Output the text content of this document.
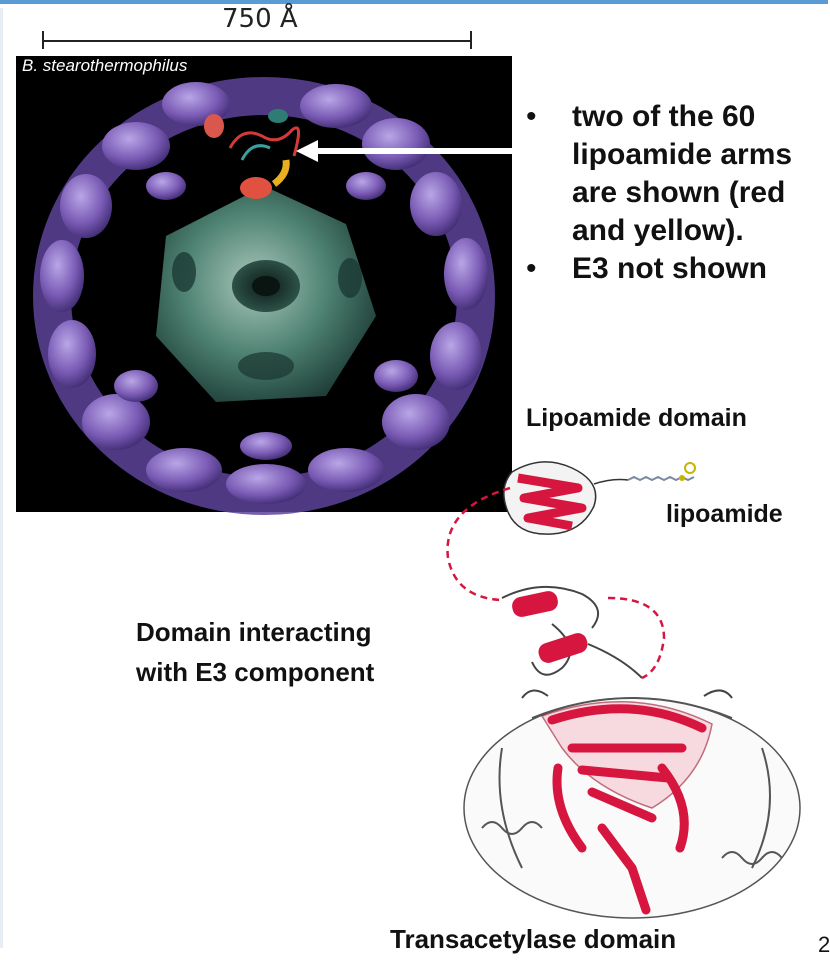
750 Å
B. stearothermophilus
• two of the 60 lipoamide arms are shown (red and yellow).
• E3 not shown
Lipoamide domain
lipoamide
Domain interacting
with E3 component
Transacetylase domain	2
